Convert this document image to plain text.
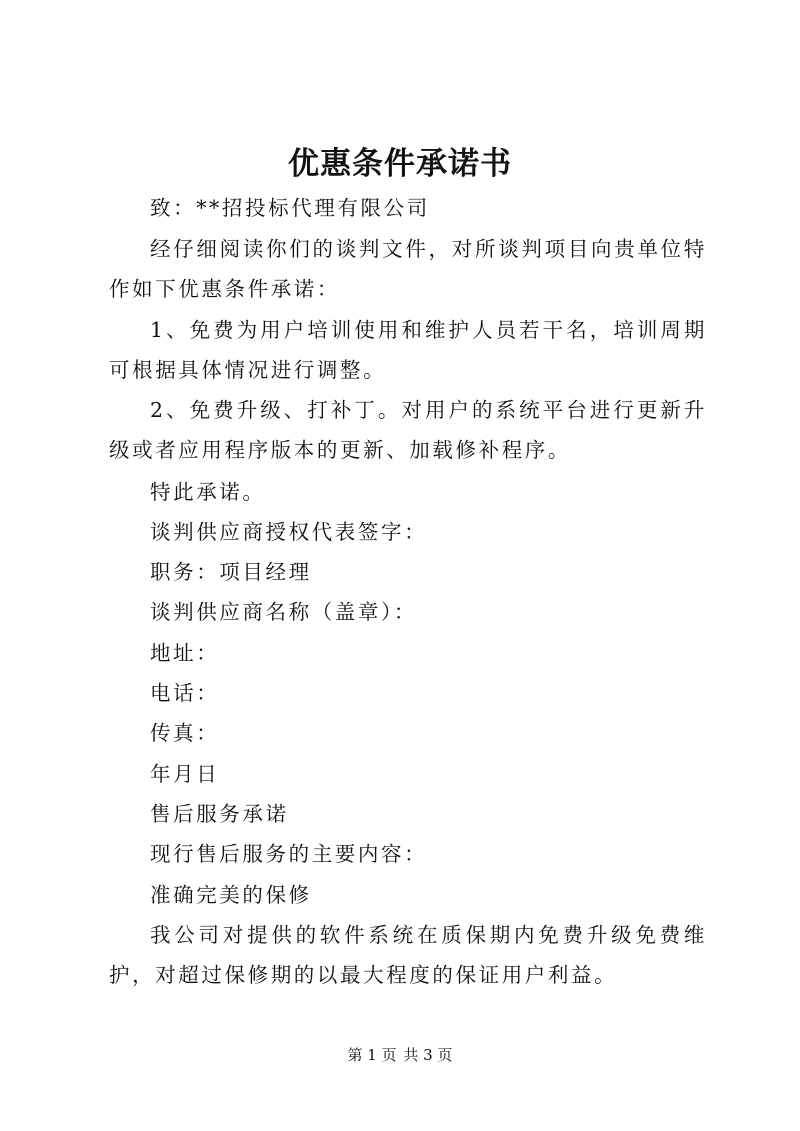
优惠条件承诺书

致：**招投标代理有限公司

经仔细阅读你们的谈判文件，对所谈判项目向贵单位特作如下优惠条件承诺：

1、免费为用户培训使用和维护人员若干名，培训周期可根据具体情况进行调整。

2、免费升级、打补丁。对用户的系统平台进行更新升级或者应用程序版本的更新、加载修补程序。

特此承诺。

谈判供应商授权代表签字：

职务：项目经理

谈判供应商名称（盖章）：

地址：

电话：

传真：

年月日

售后服务承诺

现行售后服务的主要内容：

准确完美的保修

我公司对提供的软件系统在质保期内免费升级免费维护，对超过保修期的以最大程度的保证用户利益。

第 1 页 共 3 页
